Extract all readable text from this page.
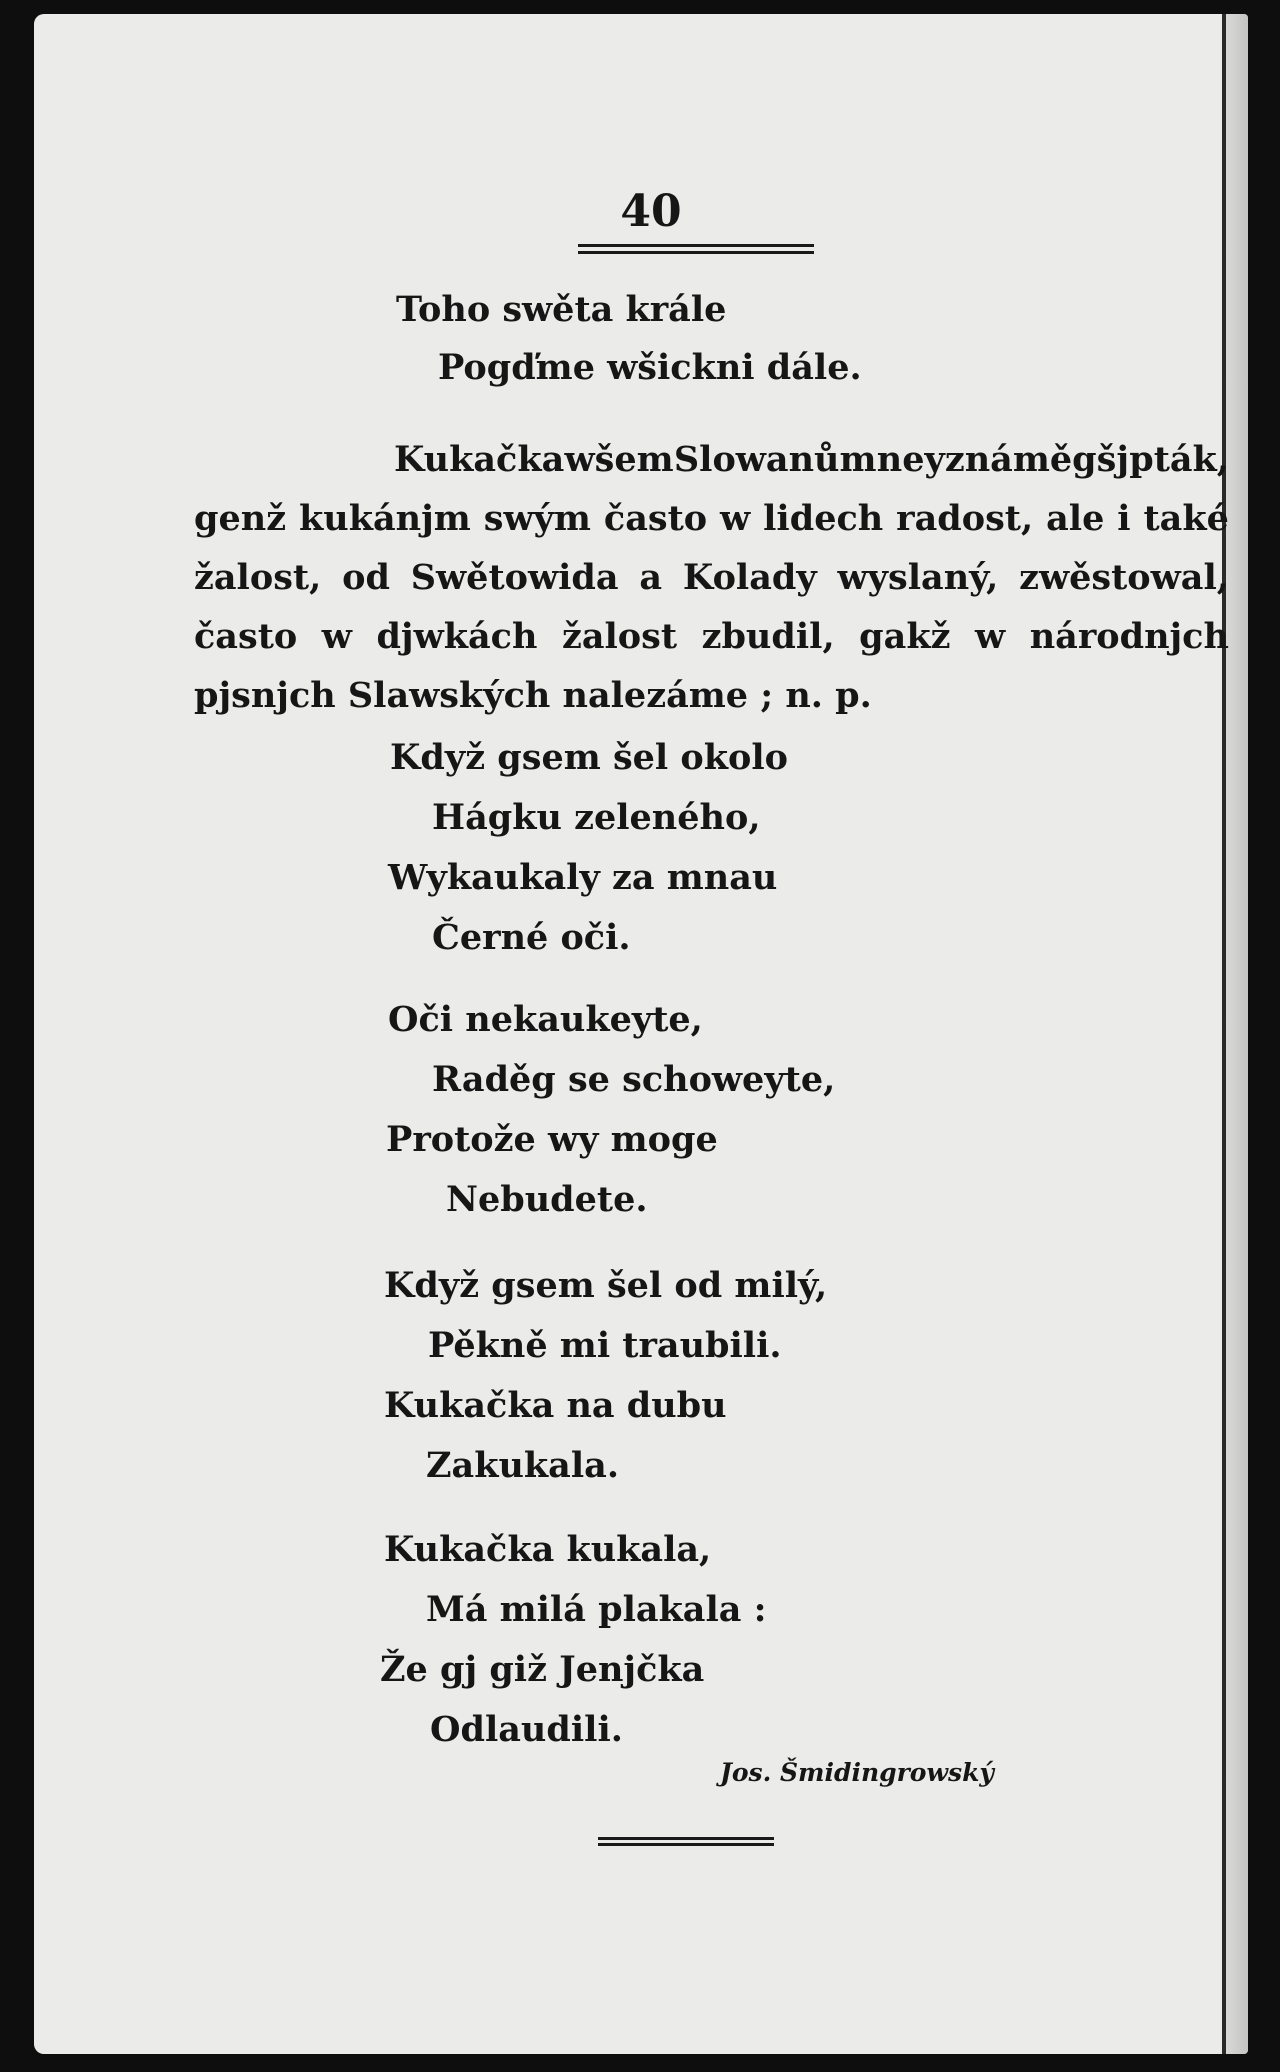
40
Toho swěta krále
Pogďme wšickni dále.
Kukačka wšem Slowanům neyznáměgšj pták,
genž kukánjm swým často w lidech radost, ale i také
žalost, od Swětowida a Kolady wyslaný, zwěstowal,
často w djwkách žalost zbudil, gakž w národnjch
pjsnjch Slawských nalezáme ; n. p.
Když gsem šel okolo
Hágku zeleného,
Wykaukaly za mnau
Černé oči.
Oči nekaukeyte,
Raděg se schoweyte,
Protože wy moge
Nebudete.
Když gsem šel od milý,
Pěkně mi traubili.
Kukačka na dubu
Zakukala.
Kukačka kukala,
Má milá plakala :
Že gj giž Jenjčka
Odlaudili.
Jos. Šmidingrowský
